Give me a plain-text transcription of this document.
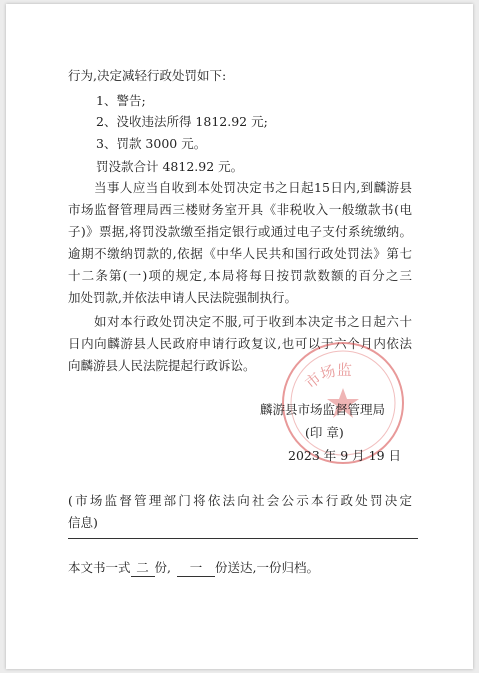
行为,决定减轻行政处罚如下:
1、警告;
2、没收违法所得 1812.92 元;
3、罚款 3000 元。
罚没款合计 4812.92 元。
当事人应当自收到本处罚决定书之日起15日内,到麟游县
市场监督管理局西三楼财务室开具《非税收入一般缴款书(电
子)》票据,将罚没款缴至指定银行或通过电子支付系统缴纳。
逾期不缴纳罚款的,依据《中华人民共和国行政处罚法》第七
十二条第(一)项的规定,本局将每日按罚款数额的百分之三
加处罚款,并依法申请人民法院强制执行。
如对本行政处罚决定不服,可于收到本决定书之日起六十
日内向麟游县人民政府申请行政复议,也可以于六个月内依法
向麟游县人民法院提起行政诉讼。
市场监
麟游县市场监督管理局
(印 章)
2023 年 9 月 19 日
(市场监督管理部门将依法向社会公示本行政处罚决定
信息)
本文书一式 二 份, 一 份送达,一份归档。
